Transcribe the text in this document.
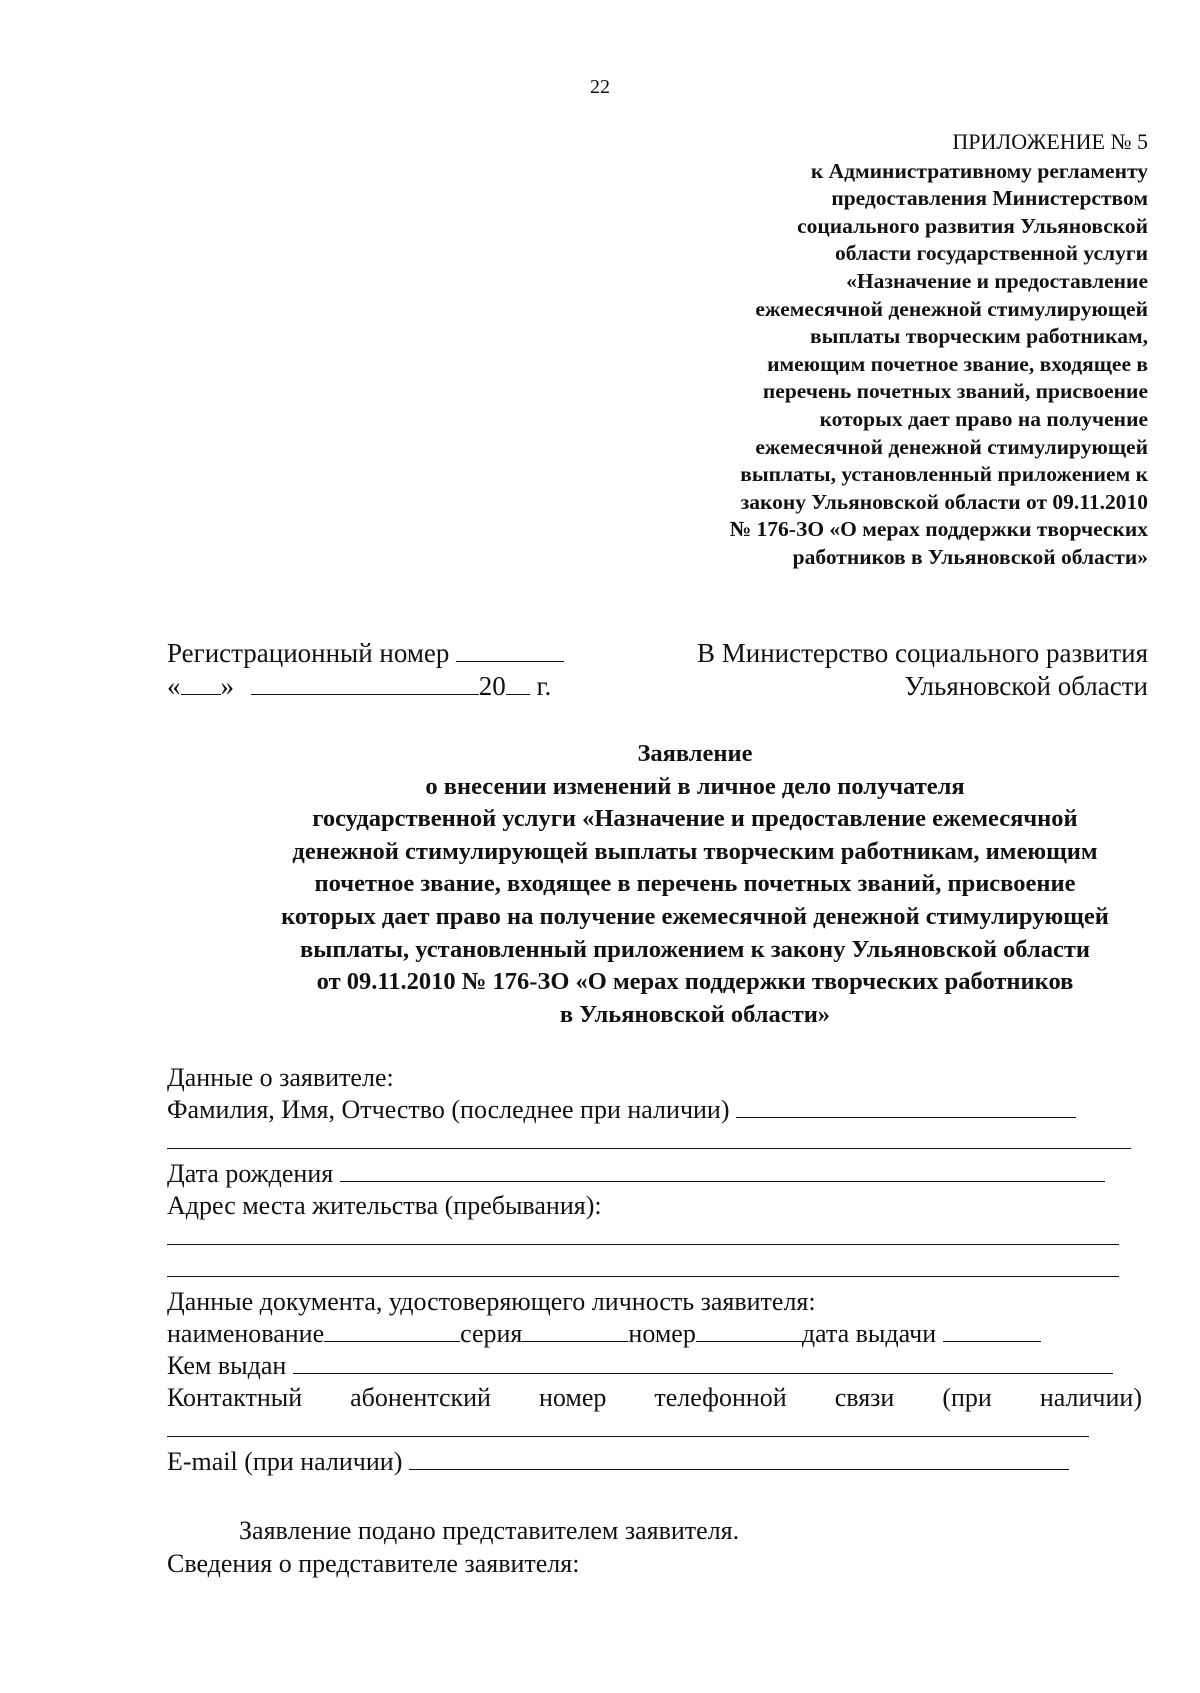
22
ПРИЛОЖЕНИЕ № 5
к Административному регламенту
предоставления Министерством
социального развития Ульяновской
области государственной услуги
«Назначение и предоставление
ежемесячной денежной стимулирующей
выплаты творческим работникам,
имеющим почетное звание, входящее в
перечень почетных званий, присвоение
которых дает право на получение
ежемесячной денежной стимулирующей
выплаты, установленный приложением к
закону Ульяновской области от 09.11.2010
№ 176-ЗО «О мерах поддержки творческих
работников в Ульяновской области»
Регистрационный номер
« »	20 г.
В Министерство социального развития
Ульяновской области
Заявление
о внесении изменений в личное дело получателя
государственной услуги «Назначение и предоставление ежемесячной
денежной стимулирующей выплаты творческим работникам, имеющим
почетное звание, входящее в перечень почетных званий, присвоение
которых дает право на получение ежемесячной денежной стимулирующей
выплаты, установленный приложением к закону Ульяновской области
от 09.11.2010 № 176-ЗО «О мерах поддержки творческих работников
в Ульяновской области»
Данные о заявителе:
Фамилия, Имя, Отчество (последнее при наличии)
Дата рождения
Адрес места жительства (пребывания):
Данные документа, удостоверяющего личность заявителя:
наименование	серия	номер	дата выдачи
Кем выдан
Контактный абонентский номер телефонной связи (при наличии)
E-mail (при наличии)
Заявление подано представителем заявителя.
Сведения о представителе заявителя:
